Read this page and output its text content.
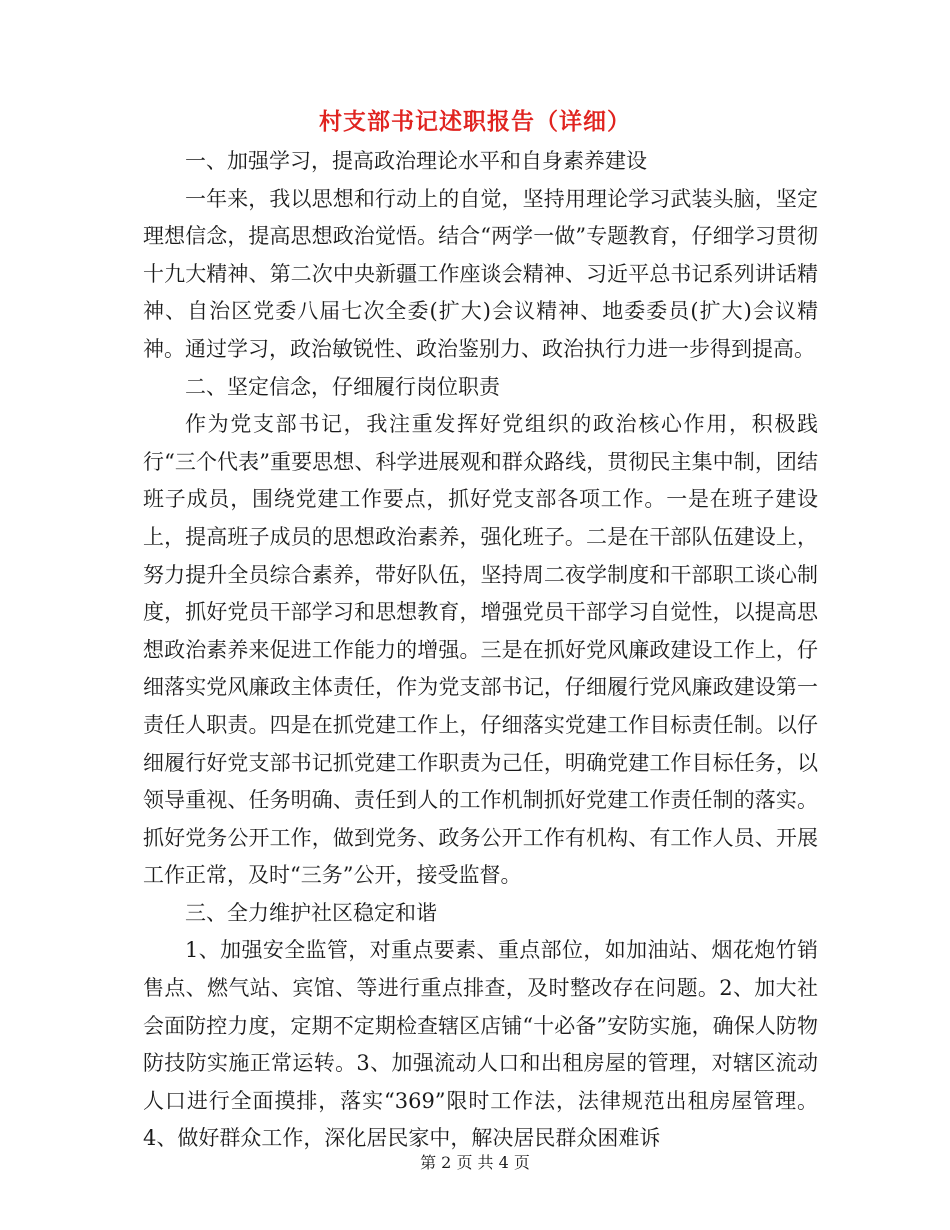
村支部书记述职报告（详细）

一、加强学习，提高政治理论水平和自身素养建设

一年来，我以思想和行动上的自觉，坚持用理论学习武装头脑，坚定理想信念，提高思想政治觉悟。结合“两学一做”专题教育，仔细学习贯彻十九大精神、第二次中央新疆工作座谈会精神、习近平总书记系列讲话精神、自治区党委八届七次全委(扩大)会议精神、地委委员(扩大)会议精神。通过学习，政治敏锐性、政治鉴别力、政治执行力进一步得到提高。

二、坚定信念，仔细履行岗位职责

作为党支部书记，我注重发挥好党组织的政治核心作用，积极践行“三个代表”重要思想、科学进展观和群众路线，贯彻民主集中制，团结班子成员，围绕党建工作要点，抓好党支部各项工作。一是在班子建设上，提高班子成员的思想政治素养，强化班子。二是在干部队伍建设上，努力提升全员综合素养，带好队伍，坚持周二夜学制度和干部职工谈心制度，抓好党员干部学习和思想教育，增强党员干部学习自觉性，以提高思想政治素养来促进工作能力的增强。三是在抓好党风廉政建设工作上，仔细落实党风廉政主体责任，作为党支部书记，仔细履行党风廉政建设第一责任人职责。四是在抓党建工作上，仔细落实党建工作目标责任制。以仔细履行好党支部书记抓党建工作职责为己任，明确党建工作目标任务，以领导重视、任务明确、责任到人的工作机制抓好党建工作责任制的落实。抓好党务公开工作，做到党务、政务公开工作有机构、有工作人员、开展工作正常，及时“三务”公开，接受监督。

三、全力维护社区稳定和谐

1、加强安全监管，对重点要素、重点部位，如加油站、烟花炮竹销售点、燃气站、宾馆、等进行重点排查，及时整改存在问题。2、加大社会面防控力度，定期不定期检查辖区店铺“十必备”安防实施，确保人防物防技防实施正常运转。3、加强流动人口和出租房屋的管理，对辖区流动人口进行全面摸排，落实“369”限时工作法，法律规范出租房屋管理。4、做好群众工作，深化居民家中，解决居民群众困难诉

第 2 页 共 4 页
